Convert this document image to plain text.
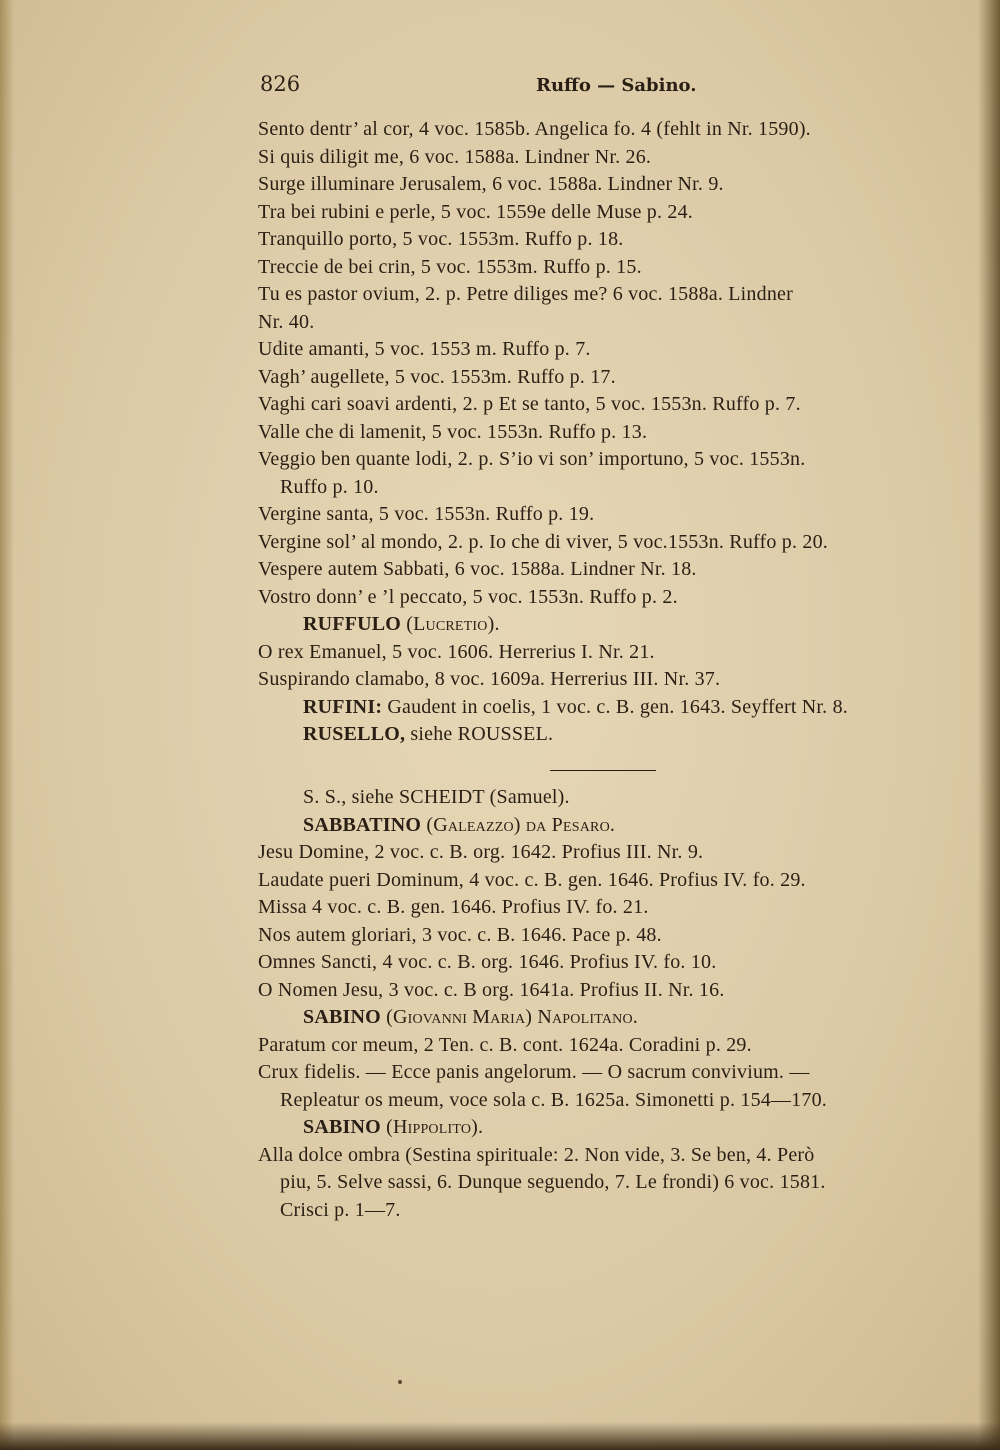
826	Ruffo — Sabino.
Sento dentr’ al cor, 4 voc. 1585b. Angelica fo. 4 (fehlt in Nr. 1590).
Si quis diligit me, 6 voc. 1588a. Lindner Nr. 26.
Surge illuminare Jerusalem, 6 voc. 1588a. Lindner Nr. 9.
Tra bei rubini e perle, 5 voc. 1559e delle Muse p. 24.
Tranquillo porto, 5 voc. 1553m. Ruffo p. 18.
Treccie de bei crin, 5 voc. 1553m. Ruffo p. 15.
Tu es pastor ovium, 2. p. Petre diliges me? 6 voc. 1588a. Lindner
Nr. 40.
Udite amanti, 5 voc. 1553 m. Ruffo p. 7.
Vagh’ augellete, 5 voc. 1553m. Ruffo p. 17.
Vaghi cari soavi ardenti, 2. p Et se tanto, 5 voc. 1553n. Ruffo p. 7.
Valle che di lamenit, 5 voc. 1553n. Ruffo p. 13.
Veggio ben quante lodi, 2. p. S’io vi son’ importuno, 5 voc. 1553n.
Ruffo p. 10.
Vergine santa, 5 voc. 1553n. Ruffo p. 19.
Vergine sol’ al mondo, 2. p. Io che di viver, 5 voc.1553n. Ruffo p. 20.
Vespere autem Sabbati, 6 voc. 1588a. Lindner Nr. 18.
Vostro donn’ e ’l peccato, 5 voc. 1553n. Ruffo p. 2.
RUFFULO (Lucretio).
O rex Emanuel, 5 voc. 1606. Herrerius I. Nr. 21.
Suspirando clamabo, 8 voc. 1609a. Herrerius III. Nr. 37.
RUFINI: Gaudent in coelis, 1 voc. c. B. gen. 1643. Seyffert Nr. 8.
RUSELLO, siehe ROUSSEL.
S. S., siehe SCHEIDT (Samuel).
SABBATINO (Galeazzo) da Pesaro.
Jesu Domine, 2 voc. c. B. org. 1642. Profius III. Nr. 9.
Laudate pueri Dominum, 4 voc. c. B. gen. 1646. Profius IV. fo. 29.
Missa 4 voc. c. B. gen. 1646. Profius IV. fo. 21.
Nos autem gloriari, 3 voc. c. B. 1646. Pace p. 48.
Omnes Sancti, 4 voc. c. B. org. 1646. Profius IV. fo. 10.
O Nomen Jesu, 3 voc. c. B org. 1641a. Profius II. Nr. 16.
SABINO (Giovanni Maria) Napolitano.
Paratum cor meum, 2 Ten. c. B. cont. 1624a. Coradini p. 29.
Crux fidelis. — Ecce panis angelorum. — O sacrum convivium. —
Repleatur os meum, voce sola c. B. 1625a. Simonetti p. 154—170.
SABINO (Hippolito).
Alla dolce ombra (Sestina spirituale: 2. Non vide, 3. Se ben, 4. Però
piu, 5. Selve sassi, 6. Dunque seguendo, 7. Le frondi) 6 voc. 1581.
Crisci p. 1—7.
